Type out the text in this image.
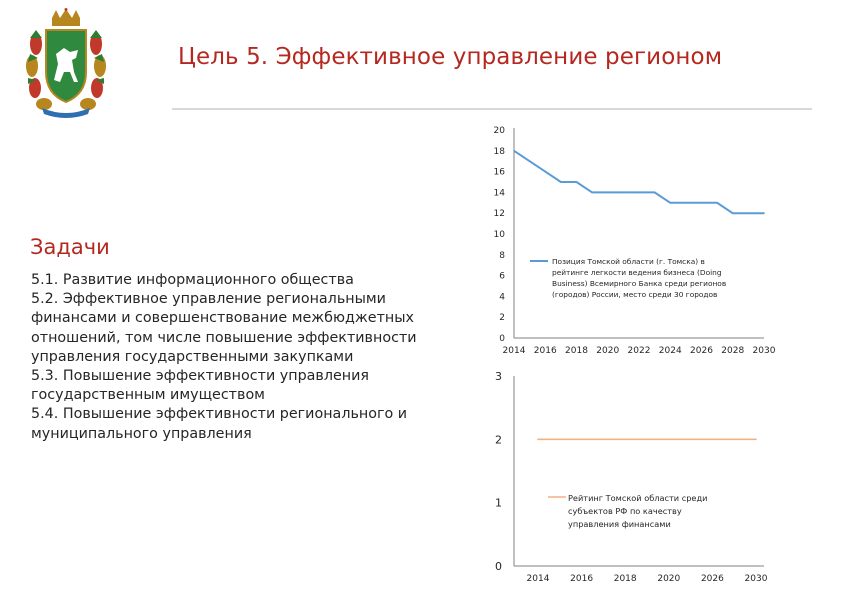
Цель 5. Эффективное управление регионом
Задачи
5.1. Развитие информационного общества
5.2. Эффективное управление региональными финансами и совершенствование межбюджетных отношений, том числе повышение эффективности управления государственными закупками
5.3. Повышение эффективности управления государственным имуществом
5.4. Повышение эффективности регионального и муниципального управления
0
2
4
6
8
10
12
14
16
18
20
2014 2016 2018 2020 2022 2024 2026 2028 2030
Позиция Томской области (г. Томска) в
рейтинге легкости ведения бизнеса (Doing
Business) Всемирного Банка среди регионов
(городов) России, место среди 30 городов
0
1
2
3
2014 2016 2018 2020 2026 2030
Рейтинг Томской области среди
субъектов РФ по качеству
управления финансами
